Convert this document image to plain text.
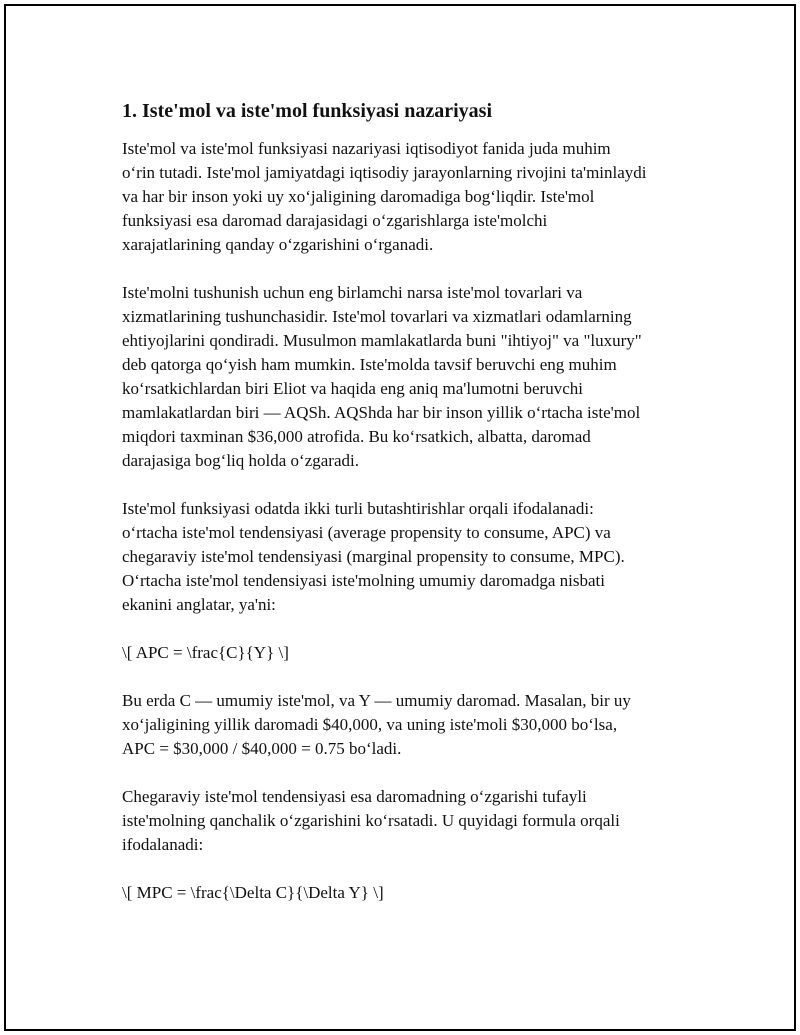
1. Iste'mol va iste'mol funksiyasi nazariyasi

Iste'mol va iste'mol funksiyasi nazariyasi iqtisodiyot fanida juda muhim
o‘rin tutadi. Iste'mol jamiyatdagi iqtisodiy jarayonlarning rivojini ta'minlaydi
va har bir inson yoki uy xo‘jaligining daromadiga bog‘liqdir. Iste'mol
funksiyasi esa daromad darajasidagi o‘zgarishlarga iste'molchi
xarajatlarining qanday o‘zgarishini o‘rganadi.

Iste'molni tushunish uchun eng birlamchi narsa iste'mol tovarlari va
xizmatlarining tushunchasidir. Iste'mol tovarlari va xizmatlari odamlarning
ehtiyojlarini qondiradi. Musulmon mamlakatlarda buni "ihtiyoj" va "luxury"
deb qatorga qo‘yish ham mumkin. Iste'molda tavsif beruvchi eng muhim
ko‘rsatkichlardan biri Eliot va haqida eng aniq ma'lumotni beruvchi
mamlakatlardan biri — AQSh. AQShda har bir inson yillik o‘rtacha iste'mol
miqdori taxminan $36,000 atrofida. Bu ko‘rsatkich, albatta, daromad
darajasiga bog‘liq holda o‘zgaradi.

Iste'mol funksiyasi odatda ikki turli butashtirishlar orqali ifodalanadi:
o‘rtacha iste'mol tendensiyasi (average propensity to consume, APC) va
chegaraviy iste'mol tendensiyasi (marginal propensity to consume, MPC).
O‘rtacha iste'mol tendensiyasi iste'molning umumiy daromadga nisbati
ekanini anglatar, ya'ni:

\[ APC = \frac{C}{Y} \]

Bu erda C — umumiy iste'mol, va Y — umumiy daromad. Masalan, bir uy
xo‘jaligining yillik daromadi $40,000, va uning iste'moli $30,000 bo‘lsa,
APC = $30,000 / $40,000 = 0.75 bo‘ladi.

Chegaraviy iste'mol tendensiyasi esa daromadning o‘zgarishi tufayli
iste'molning qanchalik o‘zgarishini ko‘rsatadi. U quyidagi formula orqali
ifodalanadi:

\[ MPC = \frac{\Delta C}{\Delta Y} \]
